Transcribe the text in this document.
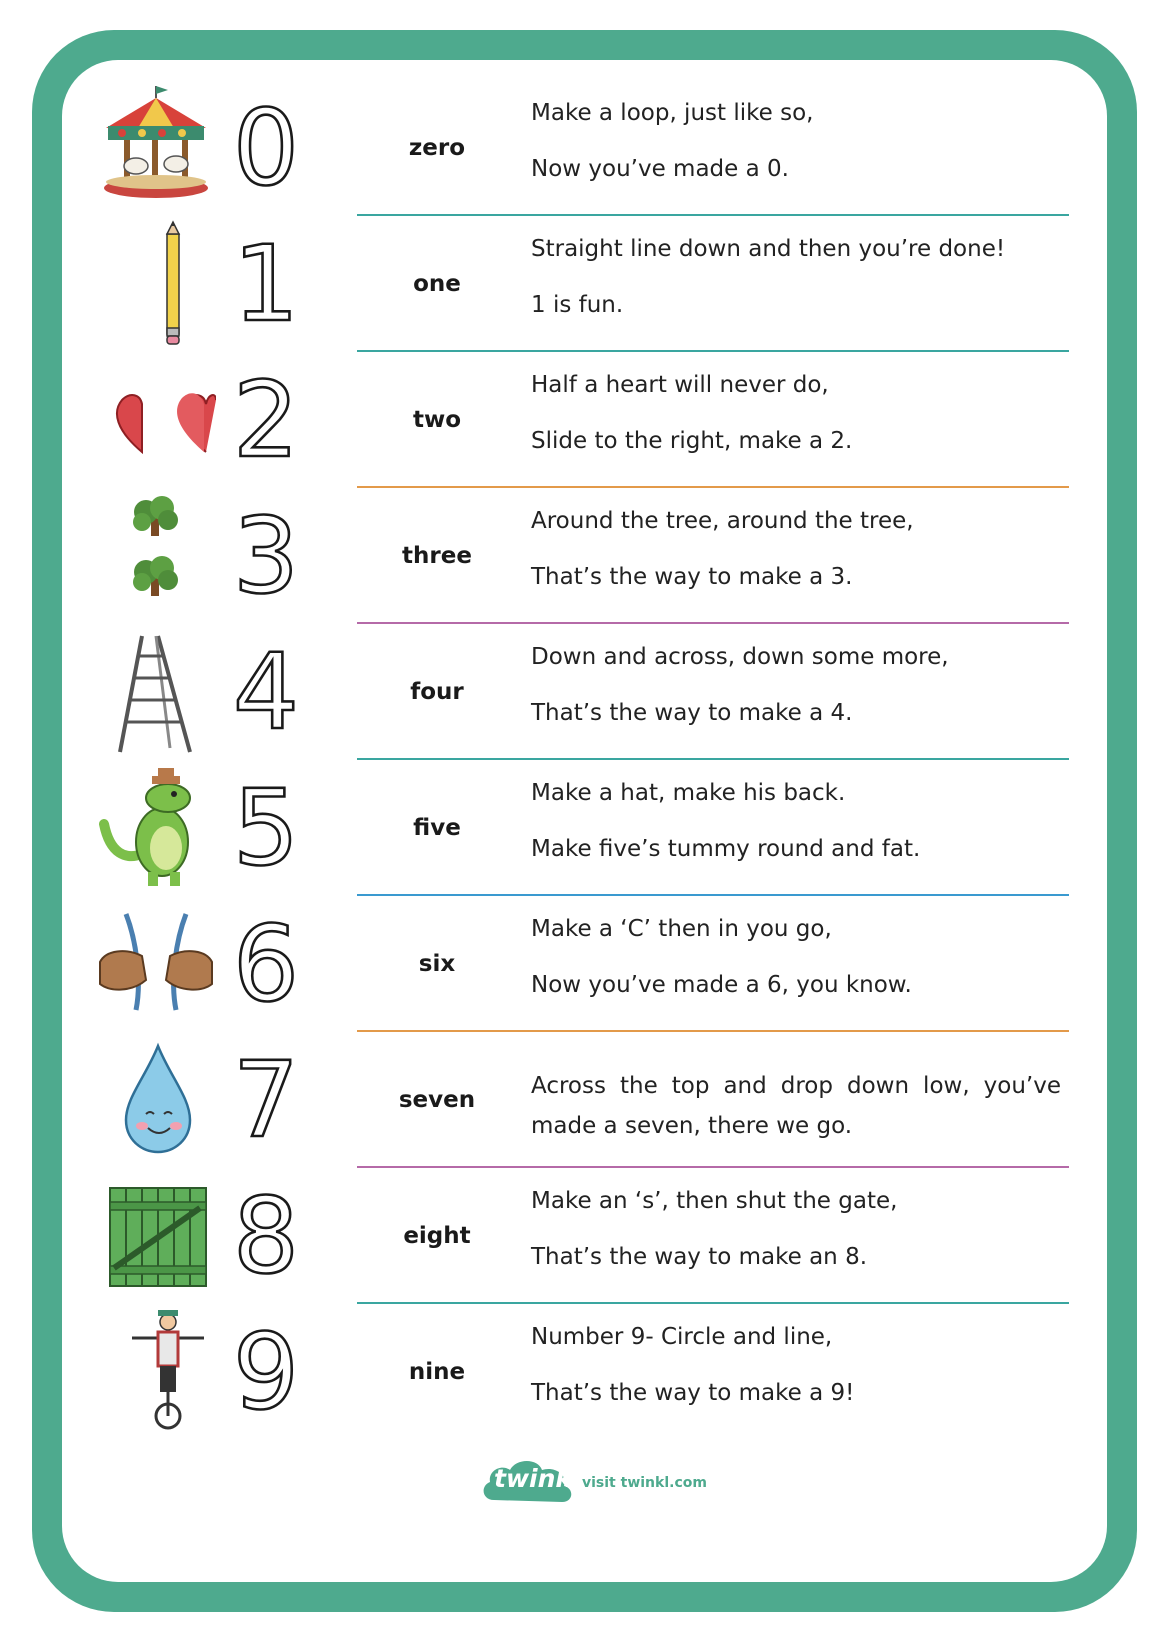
0	zero
Make a loop, just like so,
Now you’ve made a 0.
1	one
Straight line down and then you’re done!
1 is fun.
2	two
Half a heart will never do,
Slide to the right, make a 2.
3	three
Around the tree, around the tree,
That’s the way to make a 3.
4	four
Down and across, down some more,
That’s the way to make a 4.
5	five
Make a hat, make his back.
Make five’s tummy round and fat.
6	six
Make a ‘C’ then in you go,
Now you’ve made a 6, you know.
7	seven
Across the top and drop down low, you’ve made a seven, there we go.
8	eight
Make an ‘s’, then shut the gate,
That’s the way to make an 8.
9	nine
Number 9- Circle and line,
That’s the way to make a 9!
twinkl visit twinkl.com
